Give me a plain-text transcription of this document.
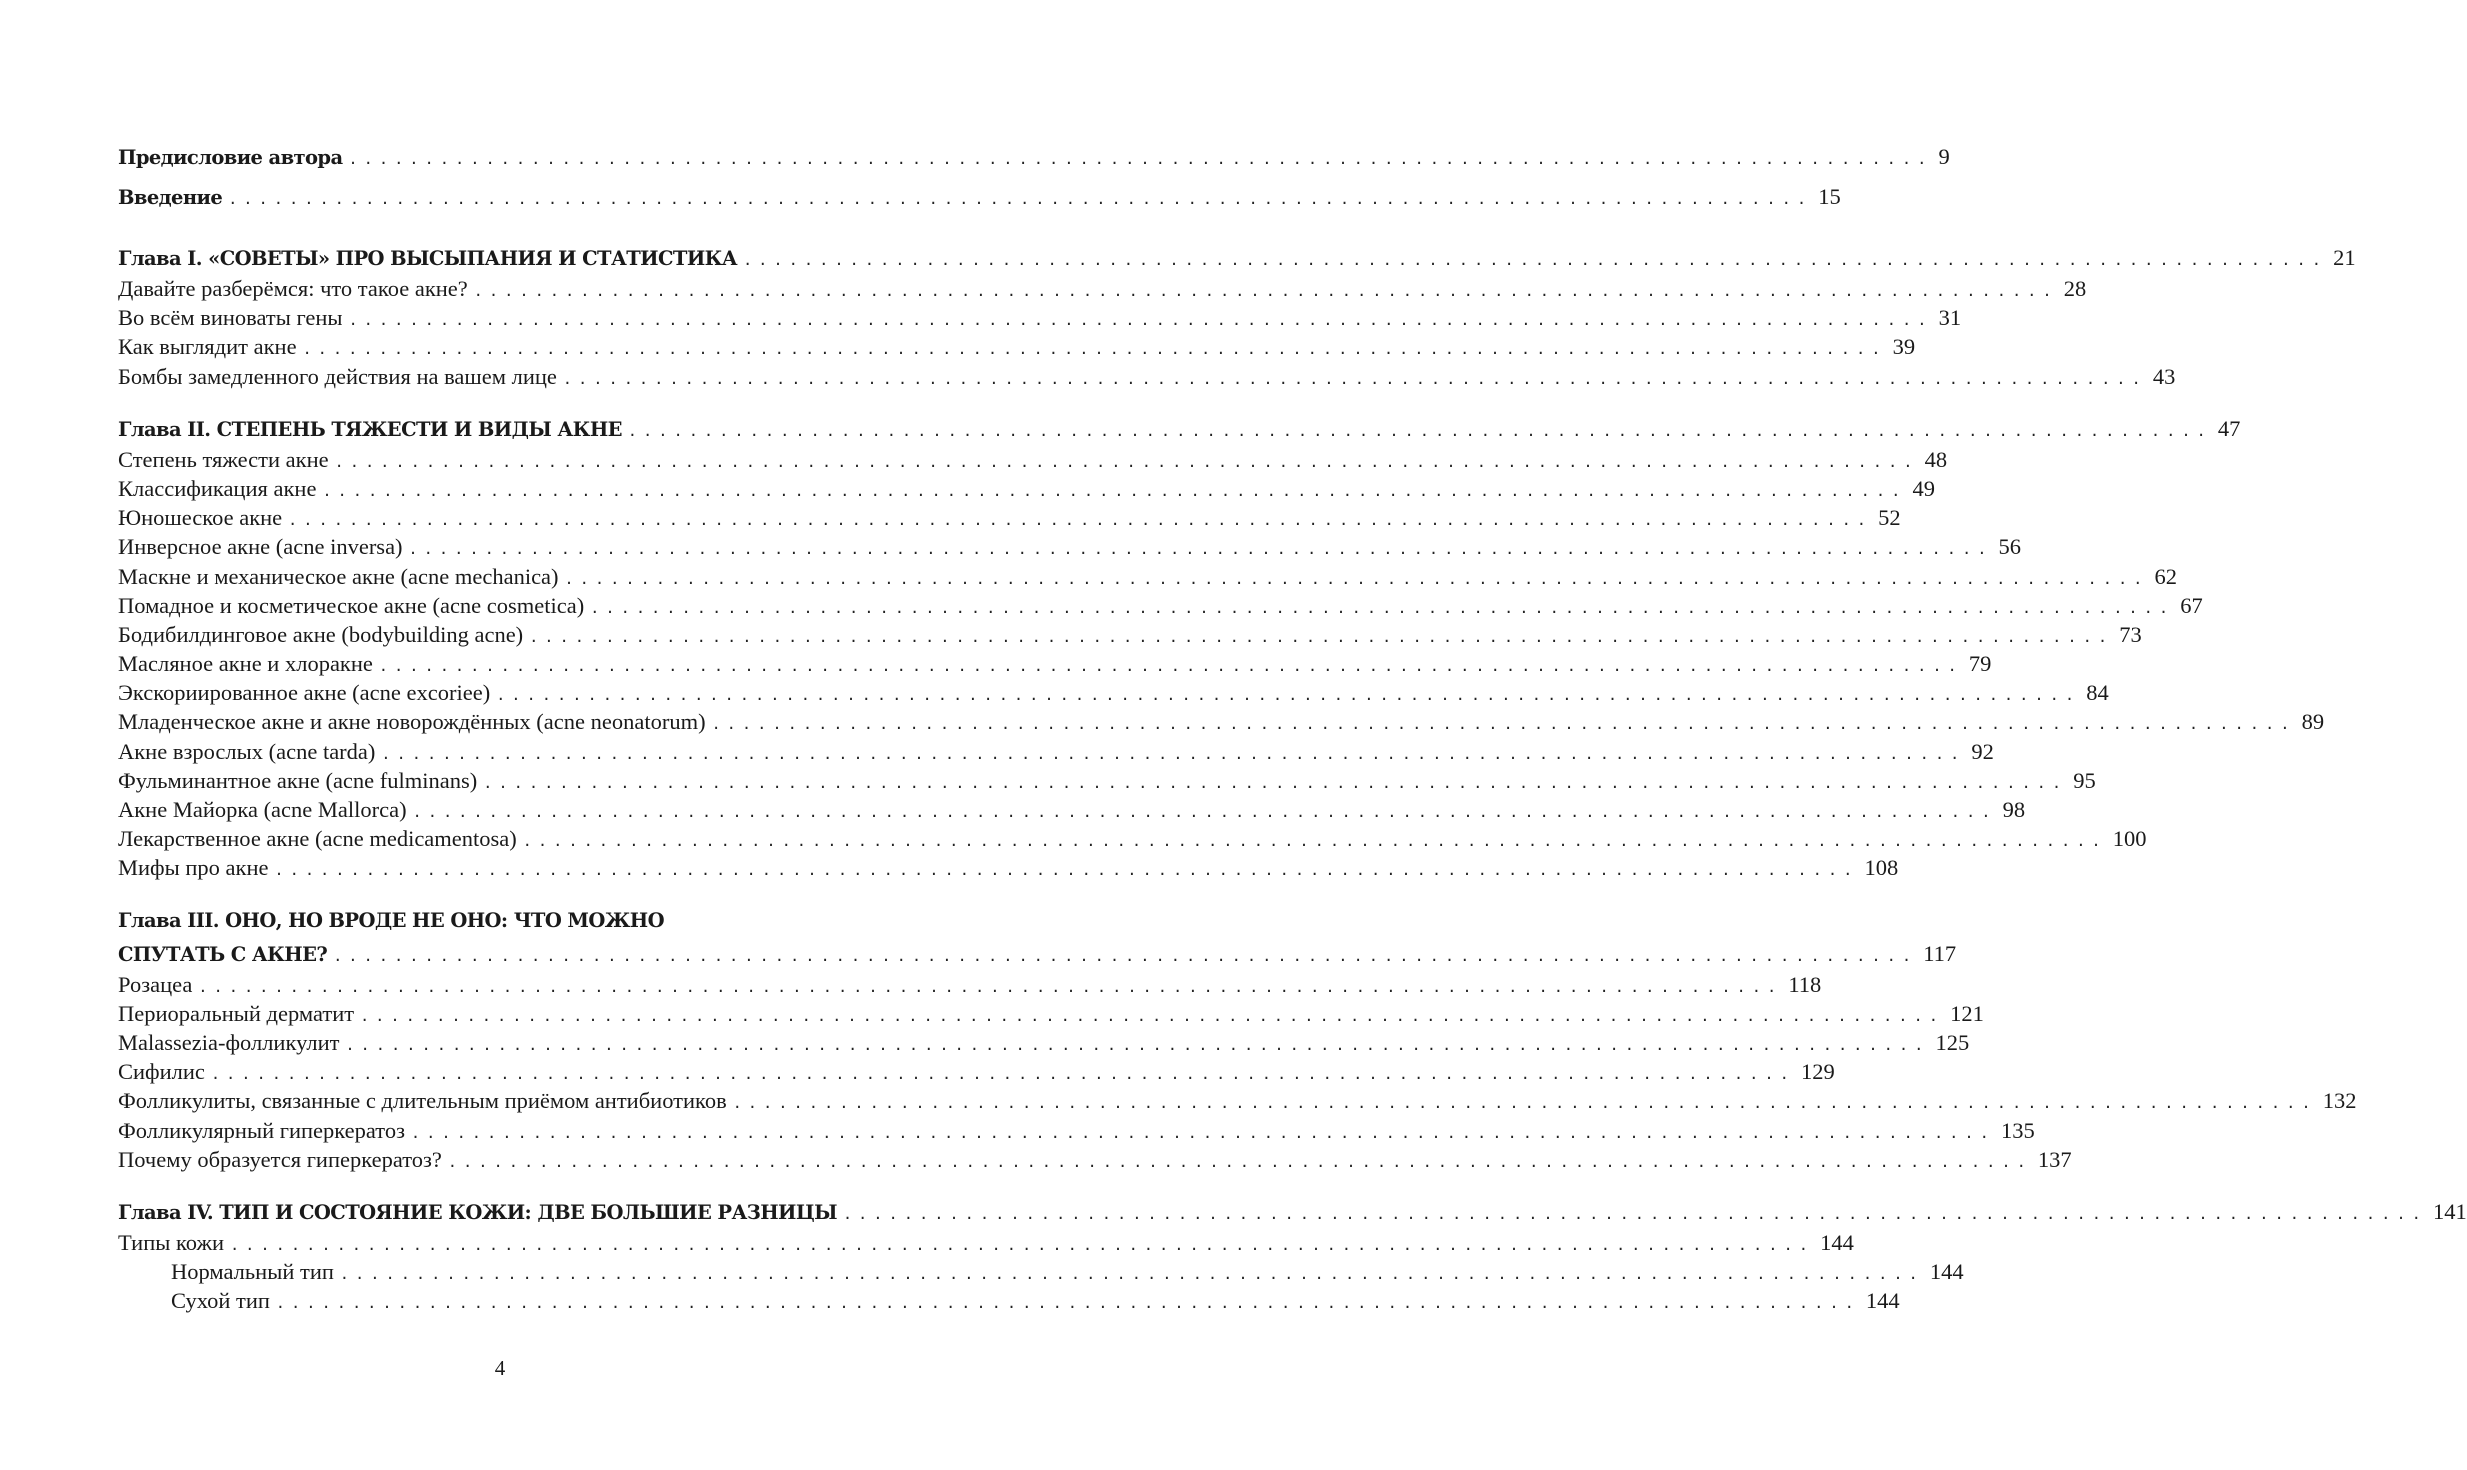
Предисловие автора ........................................................................................................ 9
Введение ........................................................................................................ 15
Глава I. «СОВЕТЫ» ПРО ВЫСЫПАНИЯ И СТАТИСТИКА ........................................................................................................ 21
Давайте разберёмся: что такое акне? ........................................................................................................ 28
Во всём виноваты гены ........................................................................................................ 31
Как выглядит акне ........................................................................................................ 39
Бомбы замедленного действия на вашем лице ........................................................................................................ 43
Глава II. СТЕПЕНЬ ТЯЖЕСТИ И ВИДЫ АКНЕ ........................................................................................................ 47
Степень тяжести акне ........................................................................................................ 48
Классификация акне ........................................................................................................ 49
Юношеское акне ........................................................................................................ 52
Инверсное акне (acne inversa) ........................................................................................................ 56
Маскне и механическое акне (acne mechanica) ........................................................................................................ 62
Помадное и косметическое акне (acne cosmetica) ........................................................................................................ 67
Бодибилдинговое акне (bodybuilding acne) ........................................................................................................ 73
Масляное акне и хлоракне ........................................................................................................ 79
Экскориированное акне (acne excoriee) ........................................................................................................ 84
Младенческое акне и акне новорождённых (acne neonatorum) ........................................................................................................ 89
Акне взрослых (acne tarda) ........................................................................................................ 92
Фульминантное акне (acne fulminans) ........................................................................................................ 95
Акне Майорка (acne Mallorca) ........................................................................................................ 98
Лекарственное акне (acne medicamentosa) ........................................................................................................ 100
Мифы про акне ........................................................................................................ 108
Глава III. ОНО, НО ВРОДЕ НЕ ОНО: ЧТО МОЖНО
СПУТАТЬ С АКНЕ? ........................................................................................................ 117
Розацеа ........................................................................................................ 118
Периоральный дерматит ........................................................................................................ 121
Malassezia-фолликулит ........................................................................................................ 125
Сифилис ........................................................................................................ 129
Фолликулиты, связанные с длительным приёмом антибиотиков ........................................................................................................ 132
Фолликулярный гиперкератоз ........................................................................................................ 135
Почему образуется гиперкератоз? ........................................................................................................ 137
Глава IV. ТИП И СОСТОЯНИЕ КОЖИ: ДВЕ БОЛЬШИЕ РАЗНИЦЫ ........................................................................................................ 141
Типы кожи ........................................................................................................ 144
Нормальный тип ........................................................................................................ 144
Сухой тип ........................................................................................................ 144
4
